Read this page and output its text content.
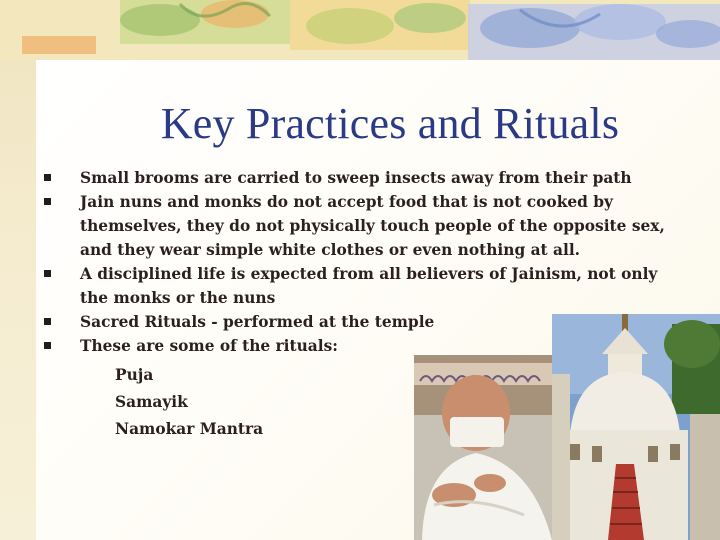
Key Practices and Rituals
Small brooms are carried to sweep insects away from their path
Jain nuns and monks do not accept food that is not cooked by themselves, they do not physically touch people of the opposite sex, and they wear simple white clothes or even nothing at all.
A disciplined life is expected from all believers of Jainism, not only the monks or the nuns
Sacred Rituals - performed at the temple
These are some of the rituals:
Puja
Samayik
Namokar Mantra
